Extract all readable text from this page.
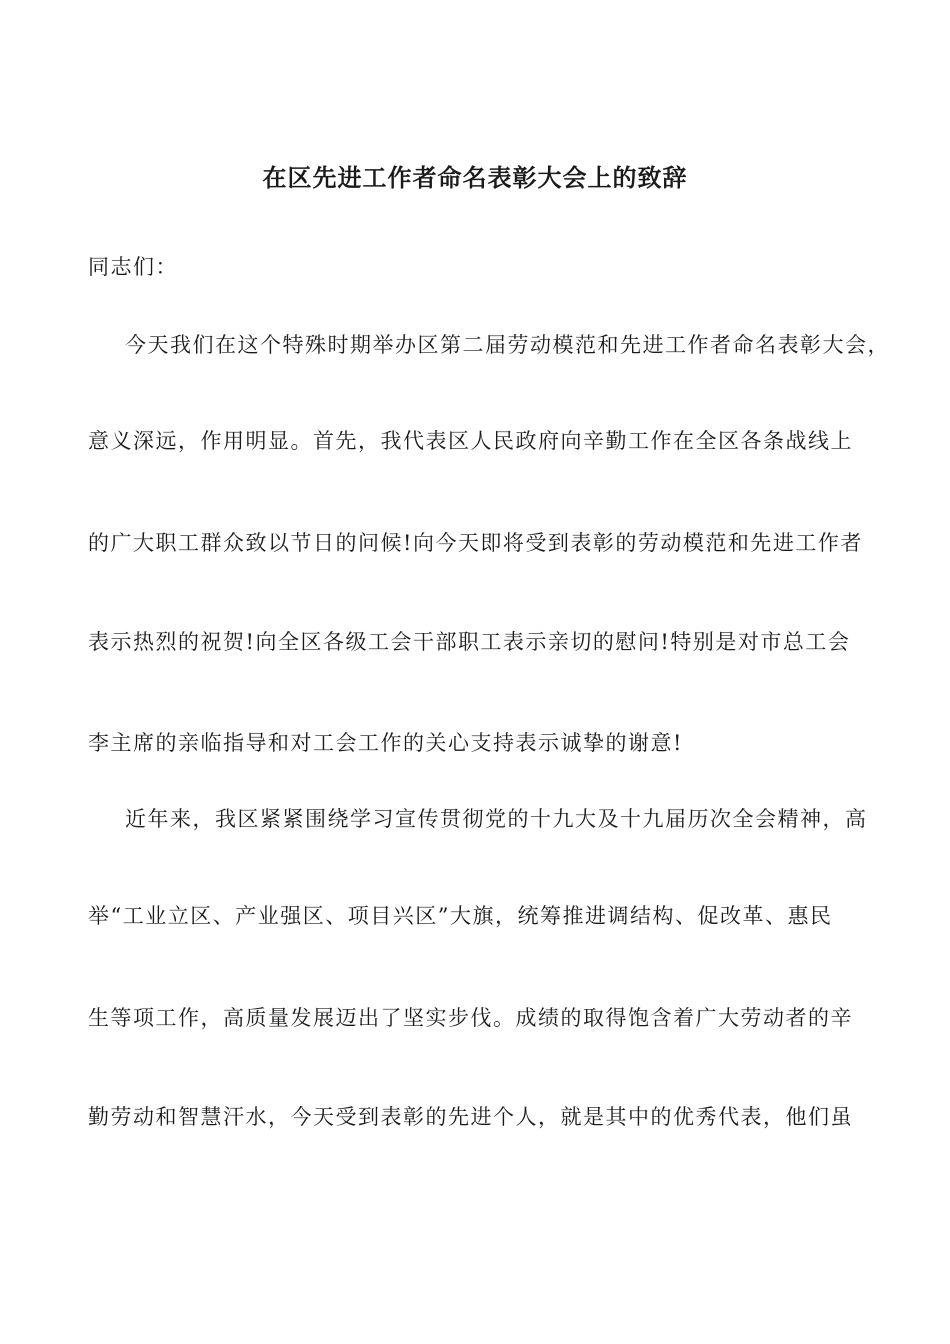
在区先进工作者命名表彰大会上的致辞
同志们：
今天我们在这个特殊时期举办区第二届劳动模范和先进工作者命名表彰大会，
意义深远，作用明显。首先，我代表区人民政府向辛勤工作在全区各条战线上
的广大职工群众致以节日的问候!向今天即将受到表彰的劳动模范和先进工作者
表示热烈的祝贺!向全区各级工会干部职工表示亲切的慰问!特别是对市总工会
李主席的亲临指导和对工会工作的关心支持表示诚挚的谢意!
近年来，我区紧紧围绕学习宣传贯彻党的十九大及十九届历次全会精神，高
举“工业立区、产业强区、项目兴区”大旗，统筹推进调结构、促改革、惠民
生等项工作，高质量发展迈出了坚实步伐。成绩的取得饱含着广大劳动者的辛
勤劳动和智慧汗水，今天受到表彰的先进个人，就是其中的优秀代表，他们虽
